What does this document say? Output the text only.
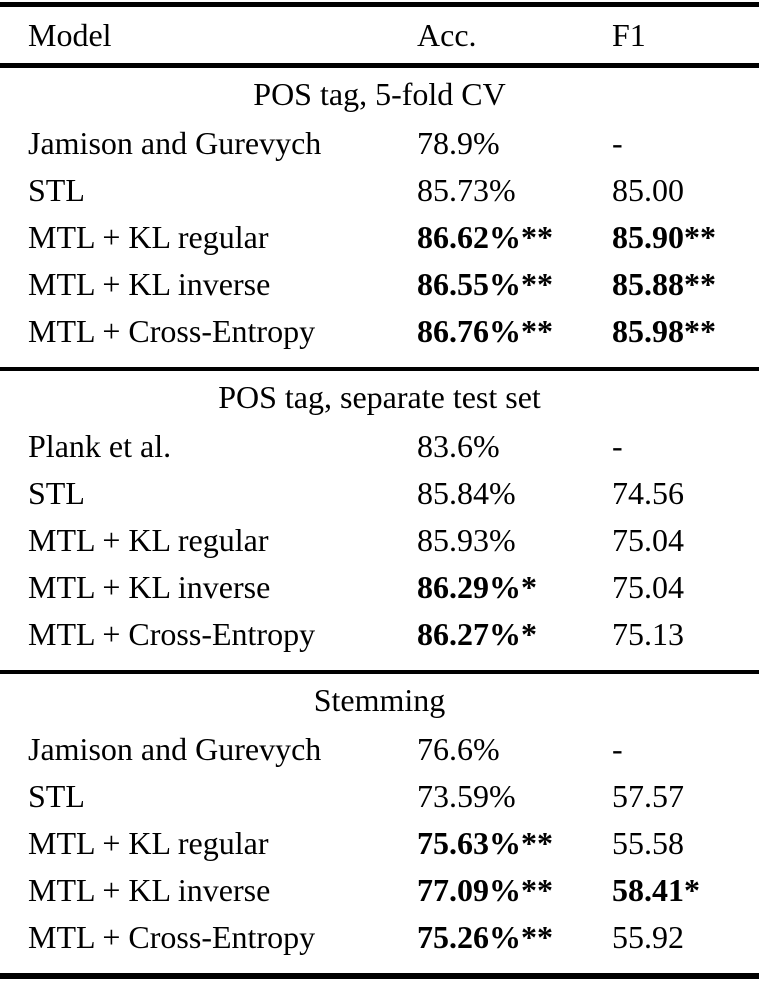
Model	Acc.	F1
POS tag, 5-fold CV
Jamison and Gurevych	78.9%	-
STL	85.73%	85.00
MTL + KL regular	86.62%**	85.90**
MTL + KL inverse	86.55%**	85.88**
MTL + Cross-Entropy	86.76%**	85.98**
POS tag, separate test set
Plank et al.	83.6%	-
STL	85.84%	74.56
MTL + KL regular	85.93%	75.04
MTL + KL inverse	86.29%*	75.04
MTL + Cross-Entropy	86.27%*	75.13
Stemming
Jamison and Gurevych	76.6%	-
STL	73.59%	57.57
MTL + KL regular	75.63%**	55.58
MTL + KL inverse	77.09%**	58.41*
MTL + Cross-Entropy	75.26%**	55.92
